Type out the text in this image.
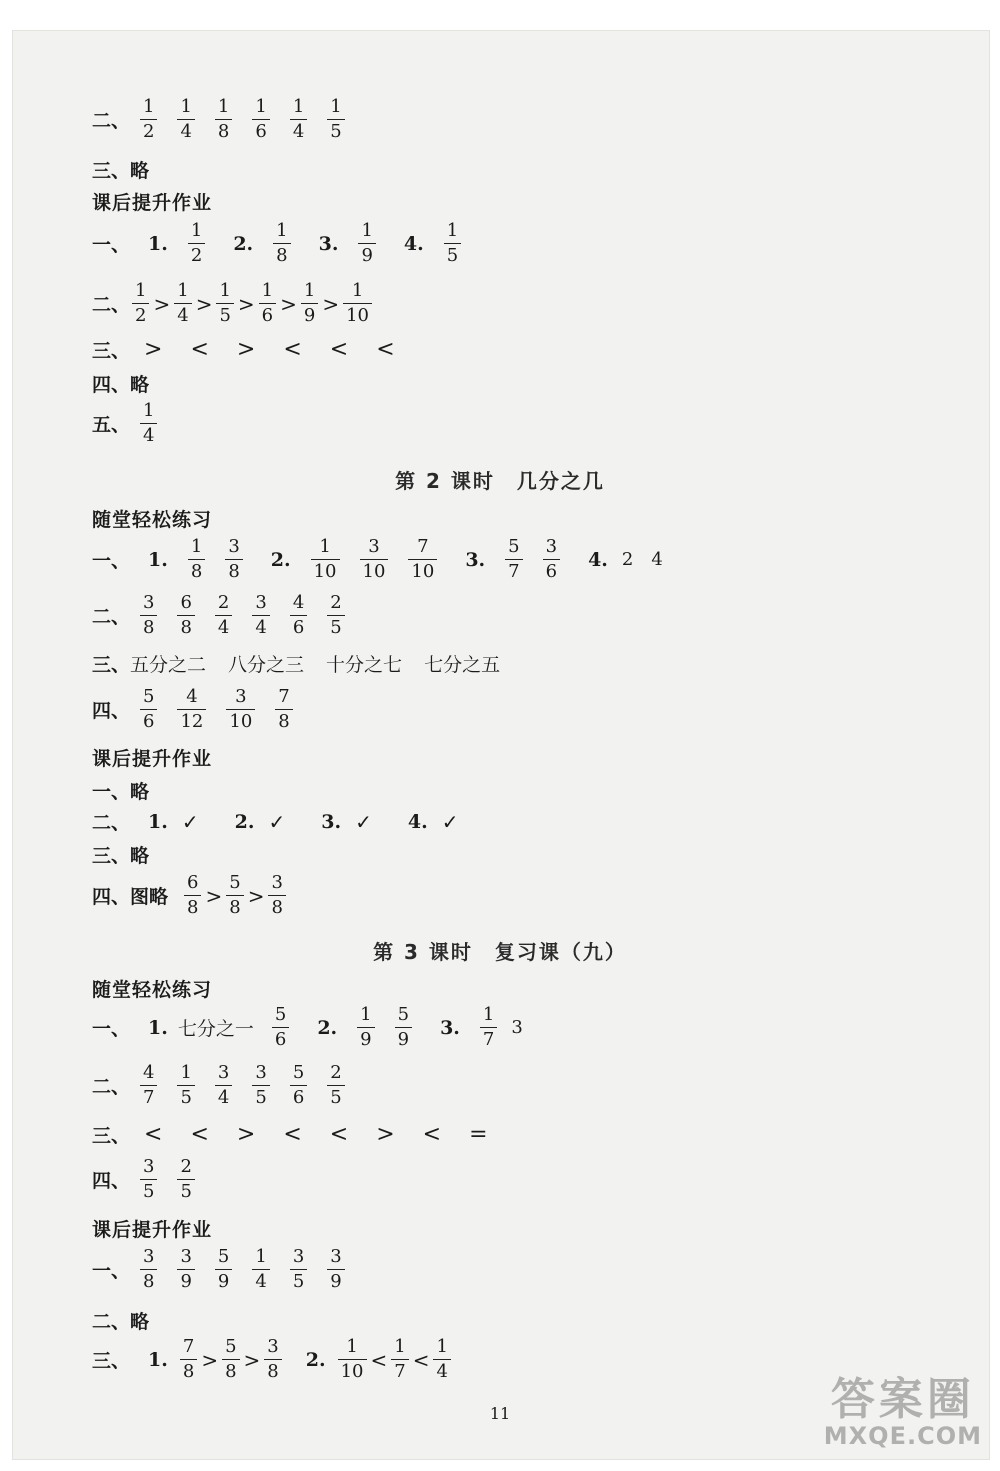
二、 $\frac{1}{2} \frac{1}{4} \frac{1}{8} \frac{1}{6} \frac{1}{4} \frac{1}{5}$
三、略
课后提升作业
一、 1. $\frac{1}{2} 2$. $\frac{1}{8} 3$. $\frac{1}{9} 4$. $\frac{1}{5}$
二、 $\frac{1}{2} > \frac{1}{4} > \frac{1}{5} > \frac{1}{6} > \frac{1}{9} > \frac{1}{10}$
三、 > < > < < <
四、略
五、 $\frac{1}{4}$
第 2 课时　几分之几
随堂轻松练习
一、 1. $\frac{1}{8} \frac{3}{8} 2$. $\frac{1}{10} \frac{3}{10} \frac{7}{10} 3$. $\frac{5}{7} \frac{3}{6} 4$. 2 4
二、 $\frac{3}{8} \frac{6}{8} \frac{2}{4} \frac{3}{4} \frac{4}{6} \frac{2}{5}$
三、 五分之二 八分之三 十分之七 七分之五
四、 $\frac{5}{6} \frac{4}{12} \frac{3}{10} \frac{7}{8}$
课后提升作业
一、略
二、 1. ✓ 2. ✓ 3. ✓ 4. ✓
三、略
四、 图略 $\frac{6}{8} > \frac{5}{8} > \frac{3}{8}$
第 3 课时　复习课（九）
随堂轻松练习
一、 1. 七分之一 $\frac{5}{6} 2$. $\frac{1}{9} \frac{5}{9} 3$. $\frac{1}{7} 3$
二、 $\frac{4}{7} \frac{1}{5} \frac{3}{4} \frac{3}{5} \frac{5}{6} \frac{2}{5}$
三、 < < > < < > < =
四、 $\frac{3}{5} \frac{2}{5}$
课后提升作业
一、 $\frac{3}{8} \frac{3}{9} \frac{5}{9} \frac{1}{4} \frac{3}{5} \frac{3}{9}$
二、略
三、 1. $\frac{7}{8} > \frac{5}{8} > \frac{3}{8} 2$. $\frac{1}{10} < \frac{1}{7} < \frac{1}{4}$
11	答案圈
MXQE.COM
